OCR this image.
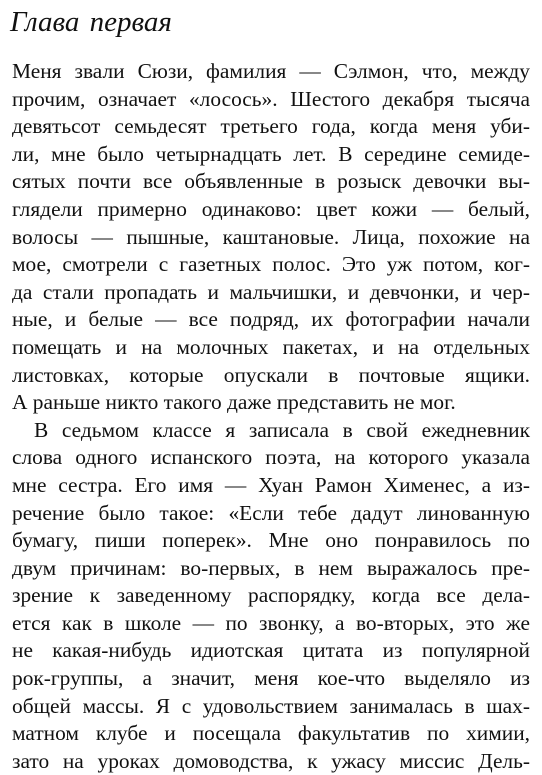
Глава первая
Меня звали Сюзи, фамилия — Сэлмон, что, между
прочим, означает «лосось». Шестого декабря тысяча
девятьсот семьдесят третьего года, когда меня уби-
ли, мне было четырнадцать лет. В середине семиде-
сятых почти все объявленные в розыск девочки вы-
глядели примерно одинаково: цвет кожи — белый,
волосы — пышные, каштановые. Лица, похожие на
мое, смотрели с газетных полос. Это уж потом, ког-
да стали пропадать и мальчишки, и девчонки, и чер-
ные, и белые — все подряд, их фотографии начали
помещать и на молочных пакетах, и на отдельных
листовках, которые опускали в почтовые ящики.
А раньше никто такого даже представить не мог.
В седьмом классе я записала в свой ежедневник
слова одного испанского поэта, на которого указала
мне сестра. Его имя — Хуан Рамон Хименес, а из-
речение было такое: «Если тебе дадут линованную
бумагу, пиши поперек». Мне оно понравилось по
двум причинам: во-первых, в нем выражалось пре-
зрение к заведенному распорядку, когда все дела-
ется как в школе — по звонку, а во-вторых, это же
не какая-нибудь идиотская цитата из популярной
рок-группы, а значит, меня кое-что выделяло из
общей массы. Я с удовольствием занималась в шах-
матном клубе и посещала факультатив по химии,
зато на уроках домоводства, к ужасу миссис Дель-
